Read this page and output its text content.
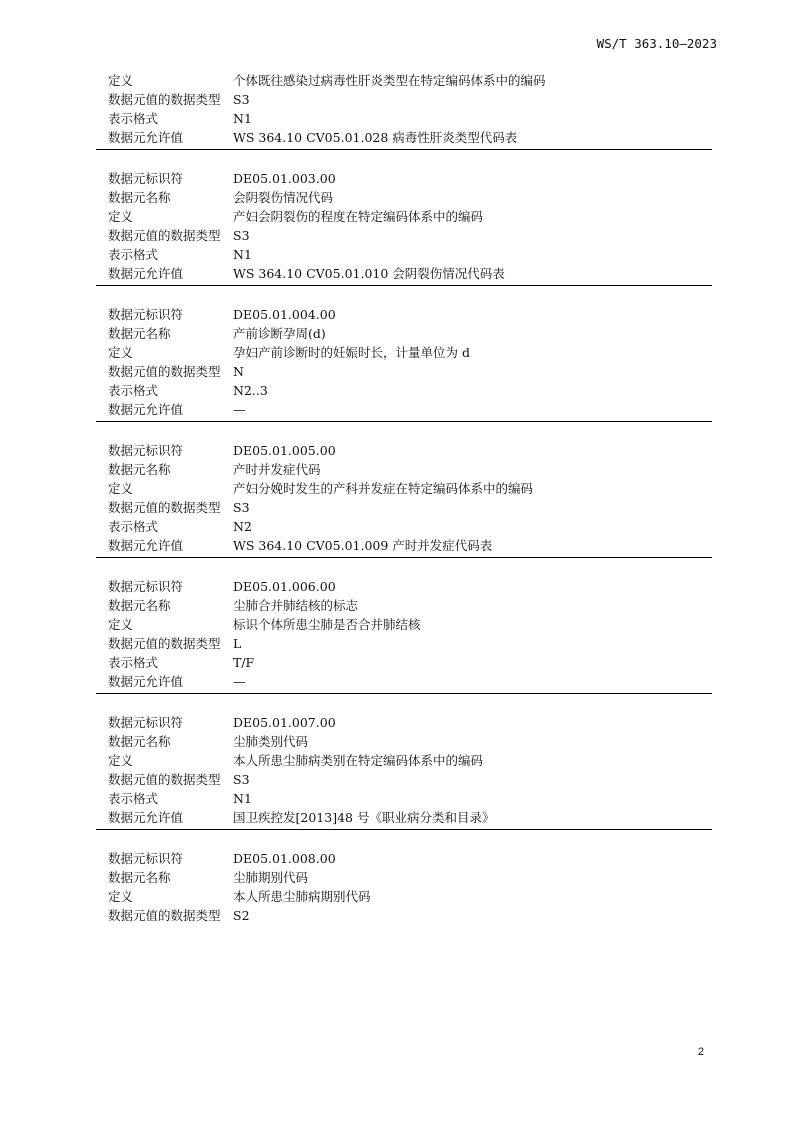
WS/T 363.10—2023
定义	个体既往感染过病毒性肝炎类型在特定编码体系中的编码
数据元值的数据类型 S3
表示格式	N1
数据元允许值	WS 364.10 CV05.01.028 病毒性肝炎类型代码表
数据元标识符	DE05.01.003.00
数据元名称	会阴裂伤情况代码
定义	产妇会阴裂伤的程度在特定编码体系中的编码
数据元值的数据类型 S3
表示格式	N1
数据元允许值	WS 364.10 CV05.01.010 会阴裂伤情况代码表
数据元标识符	DE05.01.004.00
数据元名称	产前诊断孕周(d)
定义	孕妇产前诊断时的妊娠时长，计量单位为 d
数据元值的数据类型 N
表示格式	N2..3
数据元允许值	—
数据元标识符	DE05.01.005.00
数据元名称	产时并发症代码
定义	产妇分娩时发生的产科并发症在特定编码体系中的编码
数据元值的数据类型 S3
表示格式	N2
数据元允许值	WS 364.10 CV05.01.009 产时并发症代码表
数据元标识符	DE05.01.006.00
数据元名称	尘肺合并肺结核的标志
定义	标识个体所患尘肺是否合并肺结核
数据元值的数据类型 L
表示格式	T/F
数据元允许值	—
数据元标识符	DE05.01.007.00
数据元名称	尘肺类别代码
定义	本人所患尘肺病类别在特定编码体系中的编码
数据元值的数据类型 S3
表示格式	N1
数据元允许值	国卫疾控发[2013]48 号《职业病分类和目录》
数据元标识符	DE05.01.008.00
数据元名称	尘肺期别代码
定义	本人所患尘肺病期别代码
数据元值的数据类型 S2
2
